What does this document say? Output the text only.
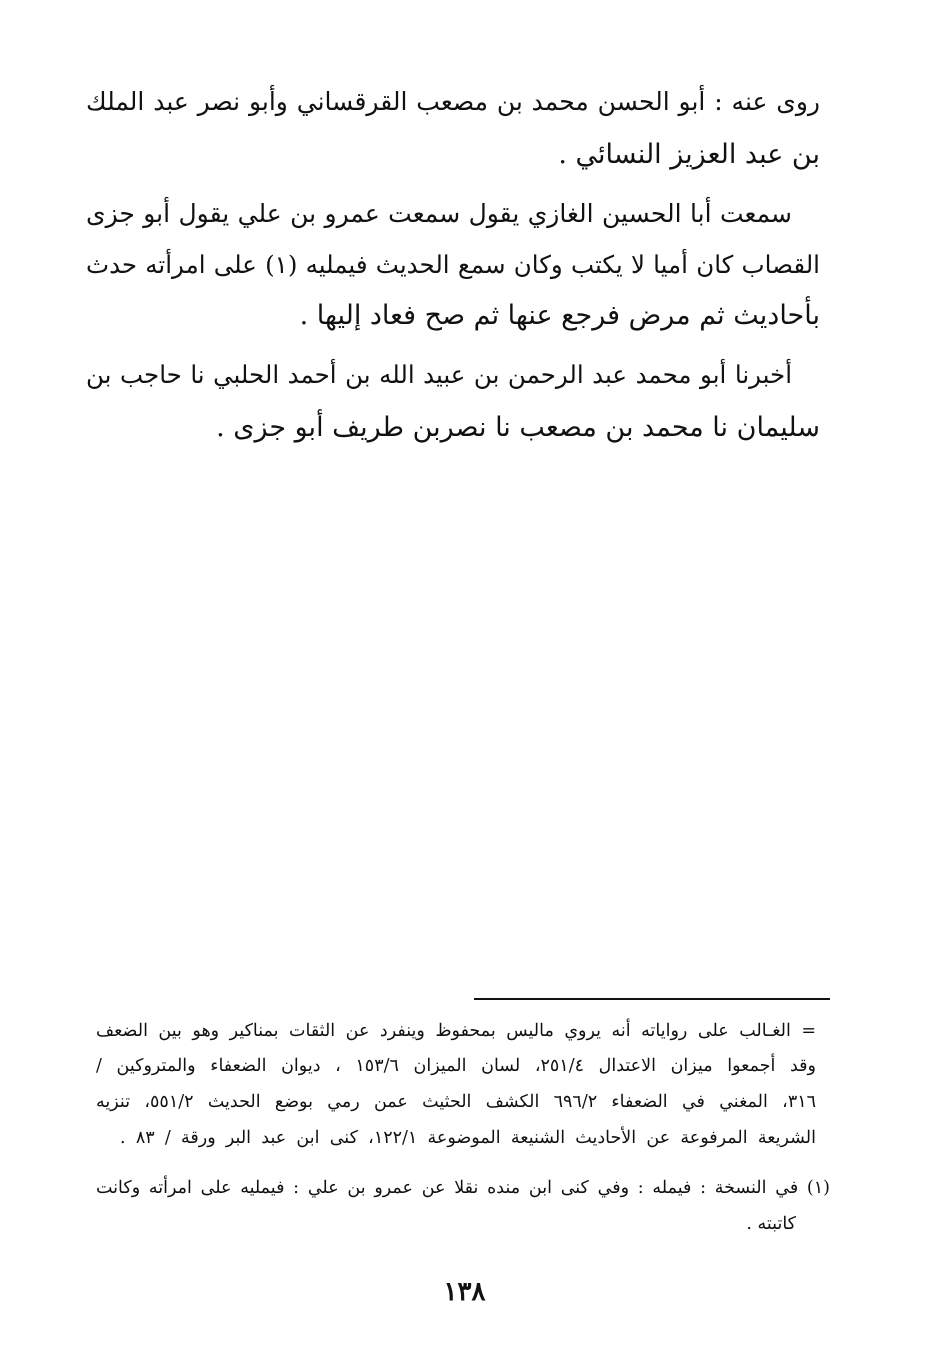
روى عنه : أبو الحسن محمد بن مصعب القرقساني وأبو نصر عبد الملك
بن عبد العزيز النسائي .
سمعت أبا الحسين الغازي يقول سمعت عمرو بن علي يقول أبو جزى
القصاب كان أميا لا يكتب وكان سمع الحديث فيمليه (١) على امرأته حدث
بأحاديث ثم مرض فرجع عنها ثم صح فعاد إليها .
أخبرنا أبو محمد عبد الرحمن بن عبيد الله بن أحمد الحلبي نا حاجب بن
سليمان نا محمد بن مصعب نا نصربن طريف أبو جزى .
= الغـالب على رواياته أنه يروي ماليس بمحفوظ وينفرد عن الثقات بمناكير وهو بين الضعف
وقد أجمعوا ميزان الاعتدال ٢٥١/٤، لسان الميزان ١٥٣/٦ ، ديوان الضعفاء والمتروكين /
٣١٦، المغني في الضعفاء ٦٩٦/٢ الكشف الحثيث عمن رمي بوضع الحديث ٥٥١/٢، تنزيه
الشريعة المرفوعة عن الأحاديث الشنيعة الموضوعة ١٢٢/١، كنى ابن عبد البر ورقة / ٨٣ .
(١) في النسخة : فيمله : وفي كنى ابن منده نقلا عن عمرو بن علي : فيمليه على امرأته وكانت
كاتبته .
١٣٨
